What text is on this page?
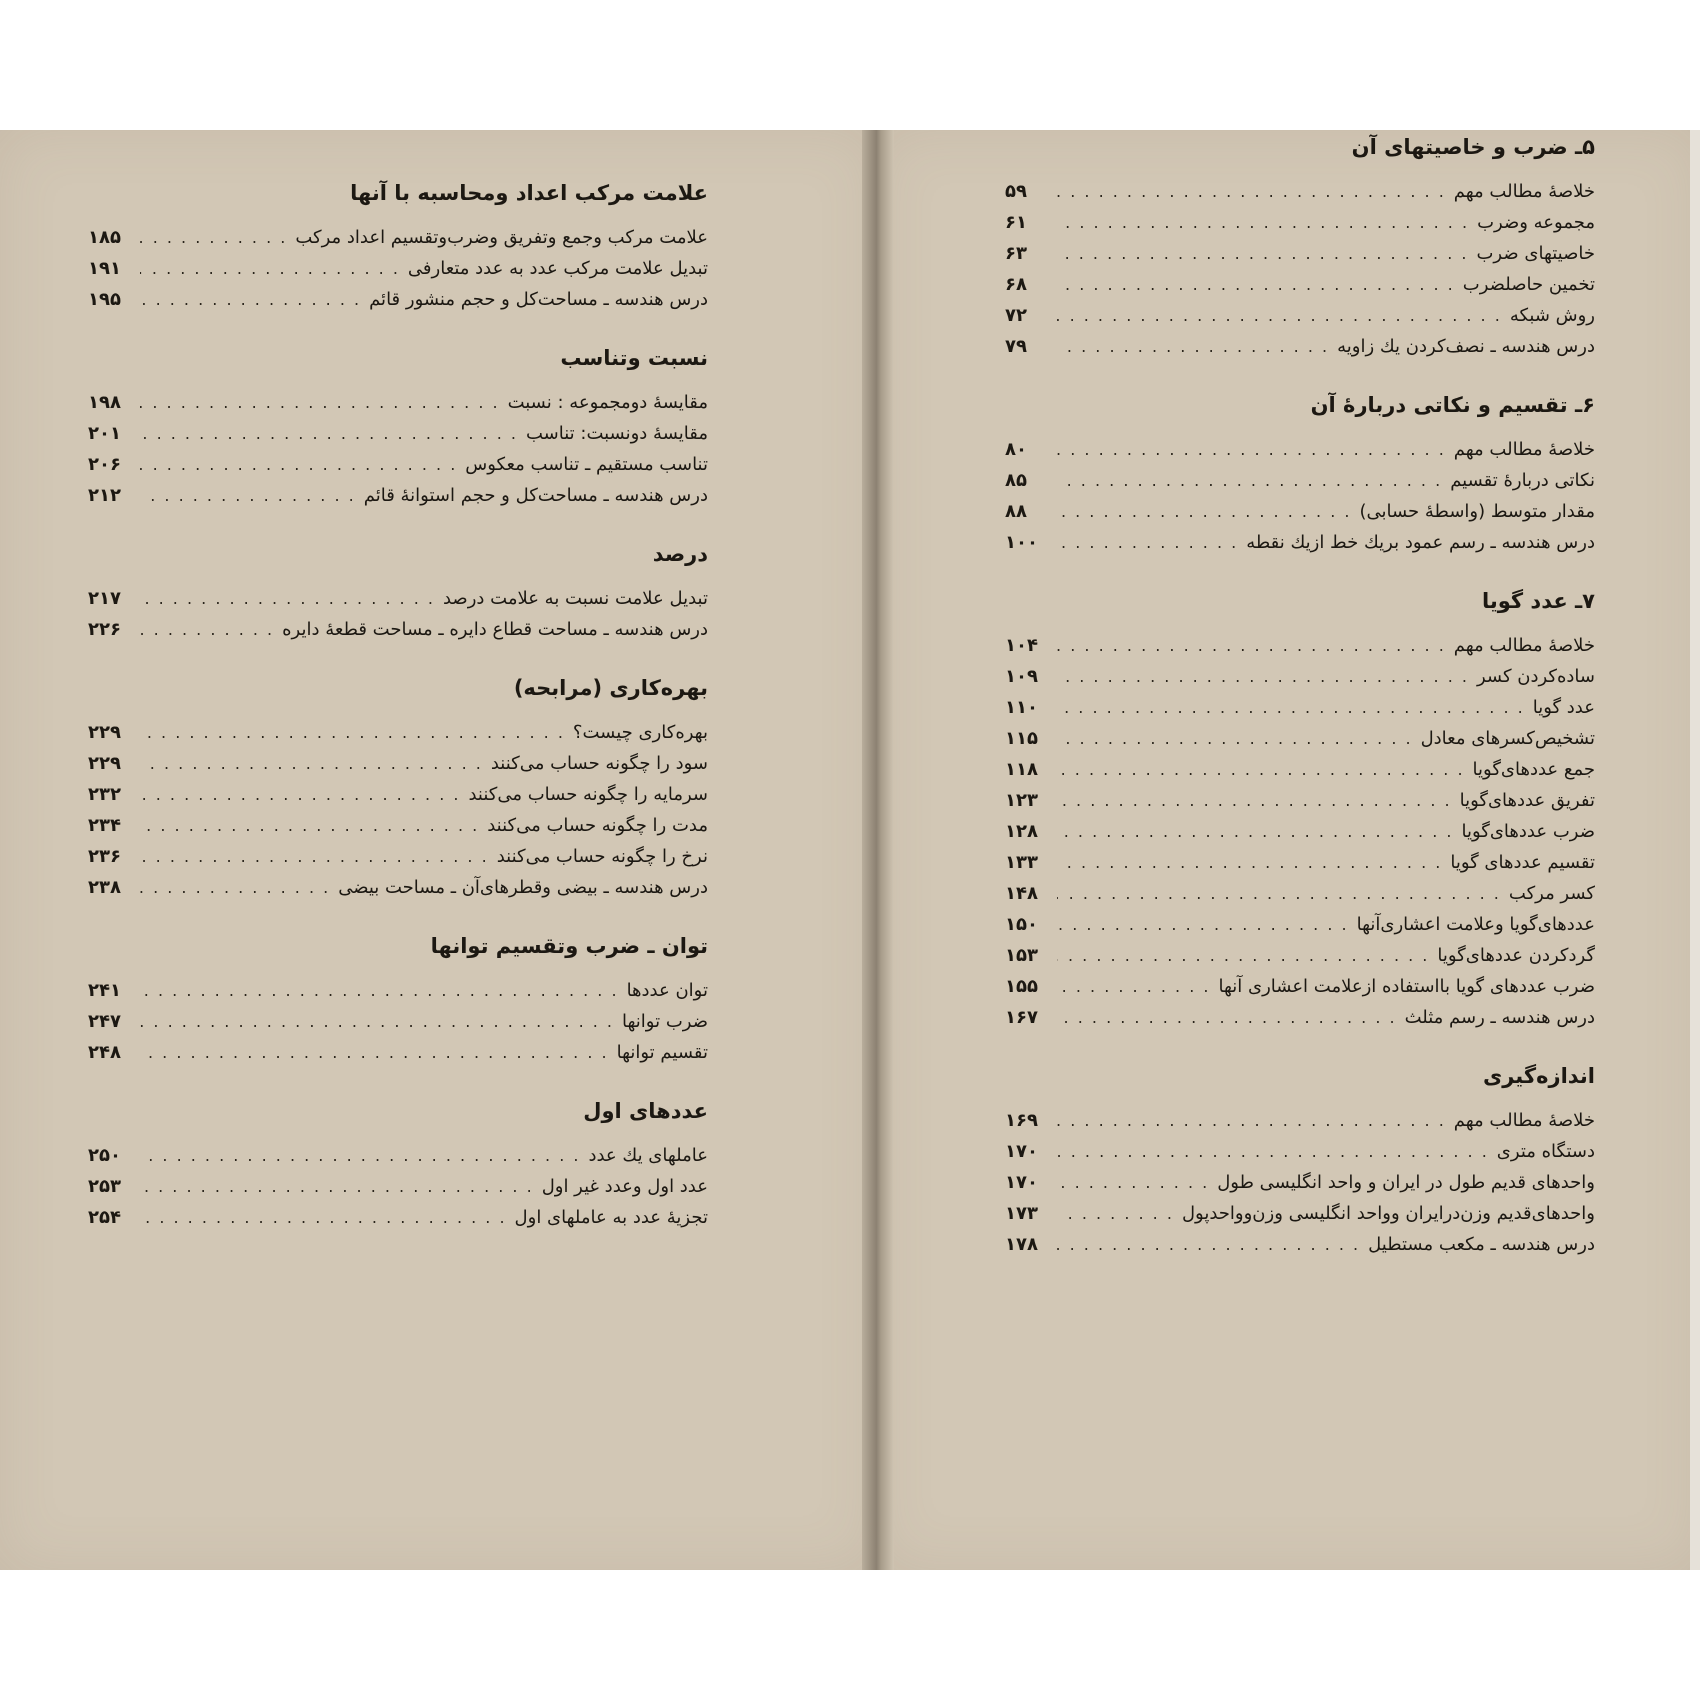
علامت مرکب اعداد ومحاسبه با آنها
علامت مرکب وجمع وتفریق وضرب‌وتقسیم اعداد مرکب
. . .
۱۸۵
تبدیل علامت مرکب عدد به عدد متعارفی
. . .
۱۹۱
درس هندسه ـ مساحت‌کل و حجم منشور قائم
. . .
۱۹۵
نسبت وتناسب
مقایسهٔ دومجموعه : نسبت
. . .
۱۹۸
مقایسهٔ دونسبت: تناسب
. . .
۲۰۱
تناسب مستقیم ـ تناسب معکوس
. . .
۲۰۶
درس هندسه ـ مساحت‌کل و حجم استوانهٔ قائم
. . .
۲۱۲
درصد
تبدیل علامت نسبت به علامت درصد
. . .
۲۱۷
درس هندسه ـ مساحت قطاع دایره ـ مساحت قطعهٔ دایره
. . .
۲۲۶
بهره‌کاری (مرابحه)
بهره‌کاری چیست؟
. . .
۲۲۹
سود را چگونه حساب می‌کنند
. . .
۲۲۹
سرمایه را چگونه حساب می‌کنند
. . .
۲۳۲
مدت را چگونه حساب می‌کنند
. . .
۲۳۴
نرخ را چگونه حساب می‌کنند
. . .
۲۳۶
درس هندسه ـ بیضی وقطرهای‌آن ـ مساحت بیضی
. . .
۲۳۸
توان ـ ضرب وتقسیم توانها
توان عددها
. . .
۲۴۱
ضرب توانها
. . .
۲۴۷
تقسیم توانها
. . .
۲۴۸
عددهای اول
عاملهای یك عدد
. . .
۲۵۰
عدد اول وعدد غیر اول
. . .
۲۵۳
تجزیهٔ عدد به عاملهای اول
. . .
۲۵۴
۵ـ ضرب و خاصیتهای آن
خلاصهٔ مطالب مهم
. . .
۵۹
مجموعه وضرب
. . .
۶۱
خاصیتهای ضرب
. . .
۶۳
تخمین حاصلضرب
. . .
۶۸
روش شبکه
. . .
۷۲
درس هندسه ـ نصف‌کردن یك زاویه
. . .
۷۹
۶ـ تقسیم و نکاتی دربارهٔ آن
خلاصهٔ مطالب مهم
. . .
۸۰
نکاتی دربارهٔ تقسیم
. . .
۸۵
مقدار متوسط (واسطهٔ حسابی)
. . .
۸۸
درس هندسه ـ رسم عمود بریك خط ازیك نقطه
. . .
۱۰۰
۷ـ عدد گویا
خلاصهٔ مطالب مهم
. . .
۱۰۴
ساده‌کردن کسر
. . .
۱۰۹
عدد گویا
. . .
۱۱۰
تشخیص‌کسرهای معادل
. . .
۱۱۵
جمع عددهای‌گویا
. . .
۱۱۸
تفریق عددهای‌گویا
. . .
۱۲۳
ضرب عددهای‌گویا
. . .
۱۲۸
تقسیم عددهای گویا
. . .
۱۳۳
کسر مرکب
. . .
۱۴۸
عددهای‌گویا وعلامت اعشاری‌آنها
. . .
۱۵۰
گردکردن عددهای‌گویا
. . .
۱۵۳
ضرب عددهای گویا بااستفاده ازعلامت اعشاری آنها
. . .
۱۵۵
درس هندسه ـ رسم مثلث
. . .
۱۶۷
اندازه‌گیری
خلاصهٔ مطالب مهم
. . .
۱۶۹
دستگاه متری
. . .
۱۷۰
واحدهای قدیم طول در ایران و واحد انگلیسی طول
. . .
۱۷۰
واحدهای‌قدیم وزن‌درایران وواحد انگلیسی وزن‌وواحدپول
. . .
۱۷۳
درس هندسه ـ مکعب مستطیل
. . .
۱۷۸
